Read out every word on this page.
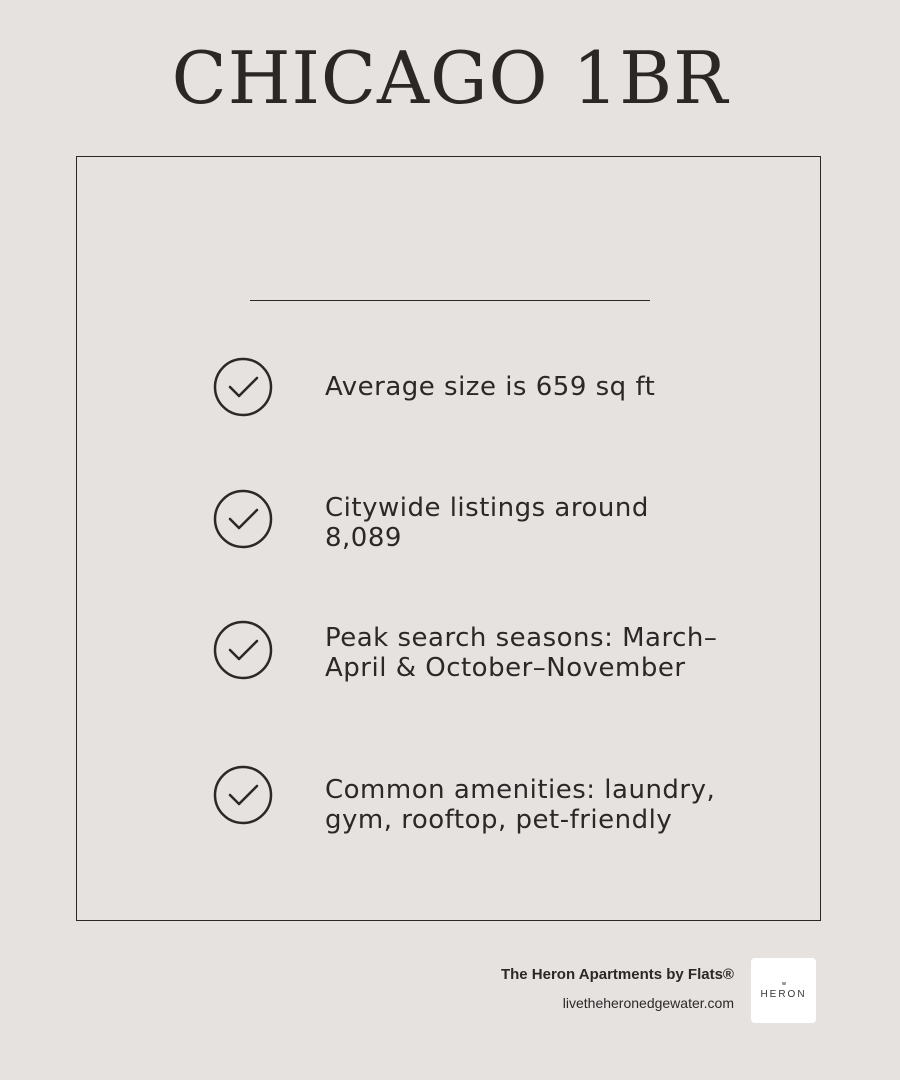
CHICAGO 1BR
Average size is 659 sq ft
Citywide listings around 8,089
Peak search seasons: March–April & October–November
Common amenities: laundry, gym, rooftop, pet-friendly
The Heron Apartments by Flats®
livetheheronedgewater.com
HERON
